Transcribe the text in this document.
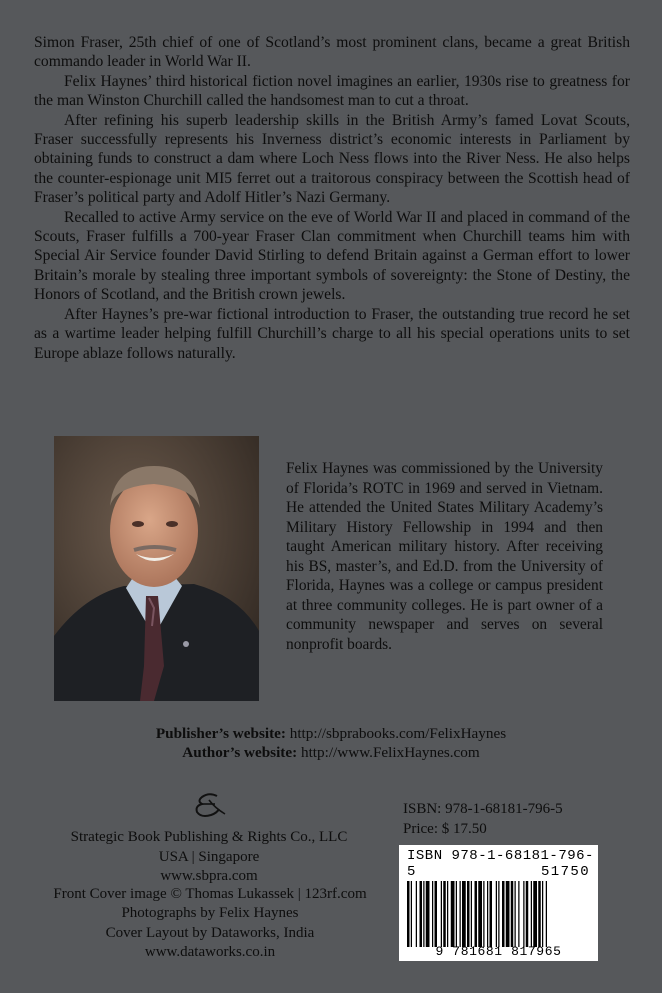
Simon Fraser, 25th chief of one of Scotland’s most prominent clans, became a great British commando leader in World War II.

Felix Haynes’ third historical fiction novel imagines an earlier, 1930s rise to greatness for the man Winston Churchill called the handsomest man to cut a throat.

After refining his superb leadership skills in the British Army’s famed Lovat Scouts, Fraser successfully represents his Inverness district’s economic interests in Parliament by obtaining funds to construct a dam where Loch Ness flows into the River Ness. He also helps the counter-espionage unit MI5 ferret out a traitorous conspiracy between the Scottish head of Fraser’s political party and Adolf Hitler’s Nazi Germany.

Recalled to active Army service on the eve of World War II and placed in command of the Scouts, Fraser fulfills a 700-year Fraser Clan commitment when Churchill teams him with Special Air Service founder David Stirling to defend Britain against a German effort to lower Britain’s morale by stealing three important symbols of sovereignty: the Stone of Destiny, the Honors of Scotland, and the British crown jewels.

After Haynes’s pre-war fictional introduction to Fraser, the outstanding true record he set as a wartime leader helping fulfill Churchill’s charge to all his special operations units to set Europe ablaze follows naturally.

Felix Haynes was commissioned by the University of Florida’s ROTC in 1969 and served in Vietnam. He attended the United States Military Academy’s Military History Fellowship in 1994 and then taught American military history. After receiving his BS, master’s, and Ed.D. from the University of Florida, Haynes was a college or campus president at three community colleges. He is part owner of a community newspaper and serves on several nonprofit boards.
Publisher’s website: http://sbprabooks.com/FelixHaynes
Author’s website: http://www.FelixHaynes.com
Strategic Book Publishing & Rights Co., LLC
USA | Singapore
www.sbpra.com
Front Cover image © Thomas Lukassek | 123rf.com
Photographs by Felix Haynes
Cover Layout by Dataworks, India
www.dataworks.co.in
ISBN: 978-1-68181-796-5
Price: $ 17.50
ISBN 978-1-68181-796-5	51750
9 781681 817965
